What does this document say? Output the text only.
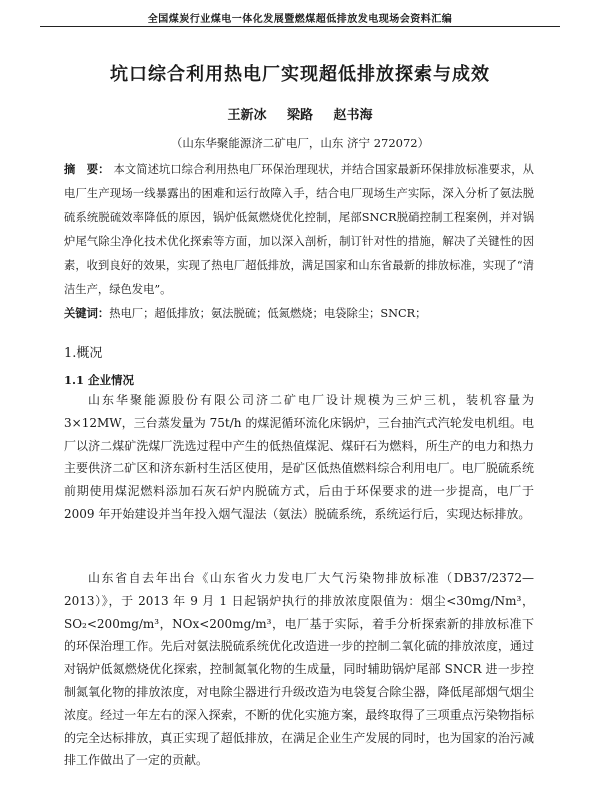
全国煤炭行业煤电一体化发展暨燃煤超低排放发电现场会资料汇编
坑口综合利用热电厂实现超低排放探索与成效
王新冰 梁路 赵书海
（山东华聚能源济二矿电厂，山东 济宁 272072）
摘　要： 本文简述坑口综合利用热电厂环保治理现状，并结合国家最新环保排放标准要求，从电厂生产现场一线暴露出的困难和运行故障入手，结合电厂现场生产实际，深入分析了氨法脱硫系统脱硫效率降低的原因，锅炉低氮燃烧优化控制，尾部SNCR脱硝控制工程案例，并对锅炉尾气除尘净化技术优化探索等方面，加以深入剖析，制订针对性的措施，解决了关键性的因素，收到良好的效果，实现了热电厂超低排放，满足国家和山东省最新的排放标准，实现了“清洁生产，绿色发电”。
关键词：热电厂；超低排放；氨法脱硫；低氮燃烧；电袋除尘；SNCR；
1.概况
1.1 企业情况
山东华聚能源股份有限公司济二矿电厂设计规模为三炉三机，装机容量为 3×12MW，三台蒸发量为 75t/h 的煤泥循环流化床锅炉，三台抽汽式汽轮发电机组。电厂以济二煤矿洗煤厂洗选过程中产生的低热值煤泥、煤矸石为燃料，所生产的电力和热力主要供济二矿区和济东新村生活区使用，是矿区低热值燃料综合利用电厂。电厂脱硫系统前期使用煤泥燃料添加石灰石炉内脱硫方式，后由于环保要求的进一步提高，电厂于 2009 年开始建设并当年投入烟气湿法（氨法）脱硫系统，系统运行后，实现达标排放。
山东省自去年出台《山东省火力发电厂大气污染物排放标准（DB37/2372—2013）》，于 2013 年 9 月 1 日起锅炉执行的排放浓度限值为：烟尘<30mg/Nm³，SO₂<200mg/m³，NOx<200mg/m³，电厂基于实际，着手分析探索新的排放标准下的环保治理工作。先后对氨法脱硫系统优化改造进一步的控制二氧化硫的排放浓度，通过对锅炉低氮燃烧优化探索，控制氮氧化物的生成量，同时辅助锅炉尾部 SNCR 进一步控制氮氧化物的排放浓度，对电除尘器进行升级改造为电袋复合除尘器，降低尾部烟气烟尘浓度。经过一年左右的深入探索，不断的优化实施方案，最终取得了三项重点污染物指标的完全达标排放，真正实现了超低排放，在满足企业生产发展的同时，也为国家的治污减排工作做出了一定的贡献。
